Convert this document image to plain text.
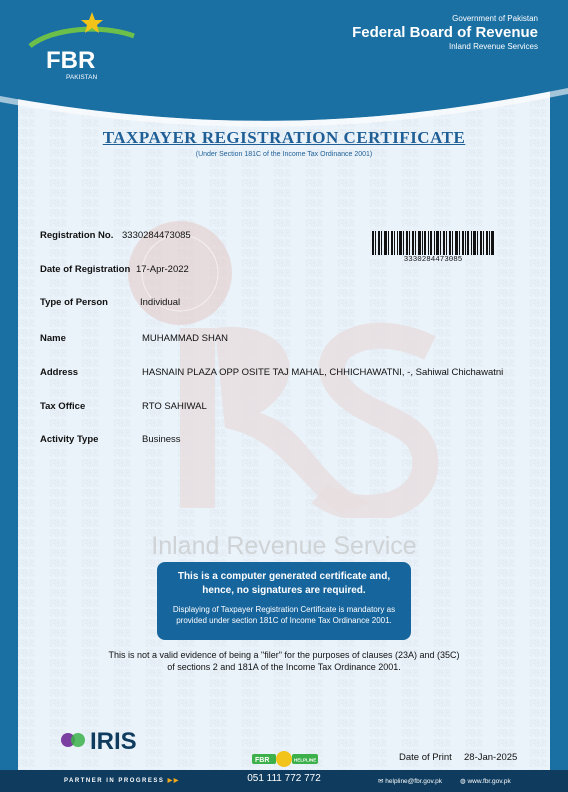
FBR
PAKISTAN
Government of Pakistan
Federal Board of Revenue
Inland Revenue Services
TAXPAYER REGISTRATION CERTIFICATE
(Under Section 181C of the Income Tax Ordinance 2001)
Registration No. 3330284473085
Date of Registration 17-Apr-2022
Type of Person	Individual
Name	MUHAMMAD SHAN
Address	HASNAIN PLAZA OPP OSITE TAJ MAHAL, CHHICHAWATNI, -, Sahiwal Chichawatni
Tax Office	RTO SAHIWAL
Activity Type	Business
3330284473085
Inland Revenue Service
This is a computer generated certificate and,
hence, no signatures are required.
Displaying of Taxpayer Registration Certificate is mandatory as
provided under section 181C of Income Tax Ordinance 2001.
This is not a valid evidence of being a "filer" for the purposes of clauses (23A) and (35C)
of sections 2 and 181A of the Income Tax Ordinance 2001.
IRIS
Date of Print 28-Jan-2025
FBR	HELPLINE
PARTNER IN PROGRESS ▶▶	✉ helpline@fbr.gov.pk	◍ www.fbr.gov.pk
051 111 772 772
